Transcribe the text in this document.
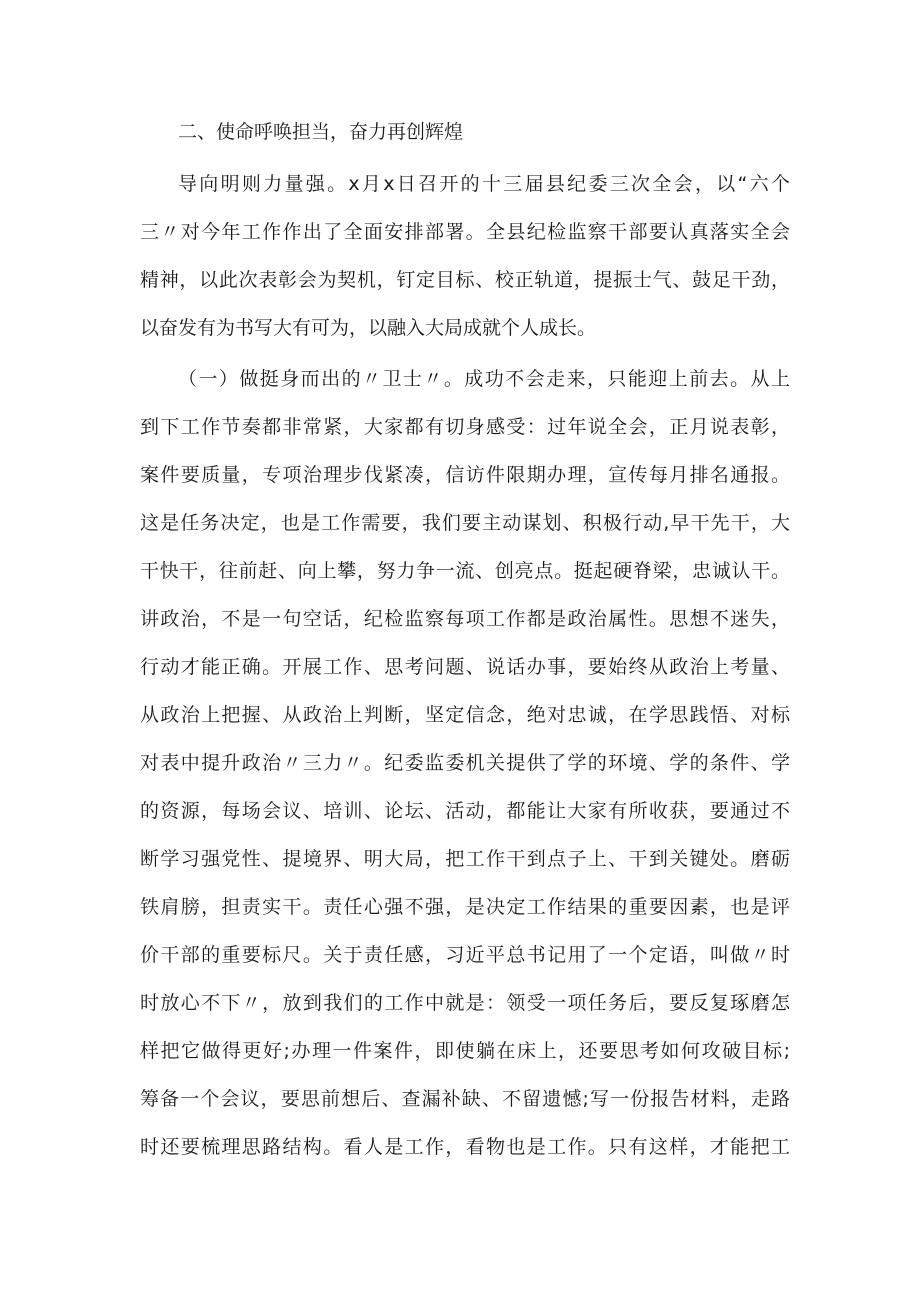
二、使命呼唤担当，奋力再创辉煌
导向明则力量强。x月x日召开的十三届县纪委三次全会，以“六个
三〃对今年工作作出了全面安排部署。全县纪检监察干部要认真落实全会
精神，以此次表彰会为契机，钉定目标、校正轨道，提振士气、鼓足干劲，
以奋发有为书写大有可为，以融入大局成就个人成长。
（一）做挺身而出的〃卫士〃。成功不会走来，只能迎上前去。从上
到下工作节奏都非常紧，大家都有切身感受：过年说全会，正月说表彰，
案件要质量，专项治理步伐紧凑，信访件限期办理，宣传每月排名通报。
这是任务决定，也是工作需要，我们要主动谋划、积极行动,早干先干，大
干快干，往前赶、向上攀，努力争一流、创亮点。挺起硬脊梁，忠诚认干。
讲政治，不是一句空话，纪检监察每项工作都是政治属性。思想不迷失，
行动才能正确。开展工作、思考问题、说话办事，要始终从政治上考量、
从政治上把握、从政治上判断，坚定信念，绝对忠诚，在学思践悟、对标
对表中提升政治〃三力〃。纪委监委机关提供了学的环境、学的条件、学
的资源，每场会议、培训、论坛、活动，都能让大家有所收获，要通过不
断学习强党性、提境界、明大局，把工作干到点子上、干到关键处。磨砺
铁肩膀，担责实干。责任心强不强，是决定工作结果的重要因素，也是评
价干部的重要标尺。关于责任感，习近平总书记用了一个定语，叫做〃时
时放心不下〃，放到我们的工作中就是：领受一项任务后，要反复琢磨怎
样把它做得更好;办理一件案件，即使躺在床上，还要思考如何攻破目标;
筹备一个会议，要思前想后、查漏补缺、不留遗憾;写一份报告材料，走路
时还要梳理思路结构。看人是工作，看物也是工作。只有这样，才能把工
